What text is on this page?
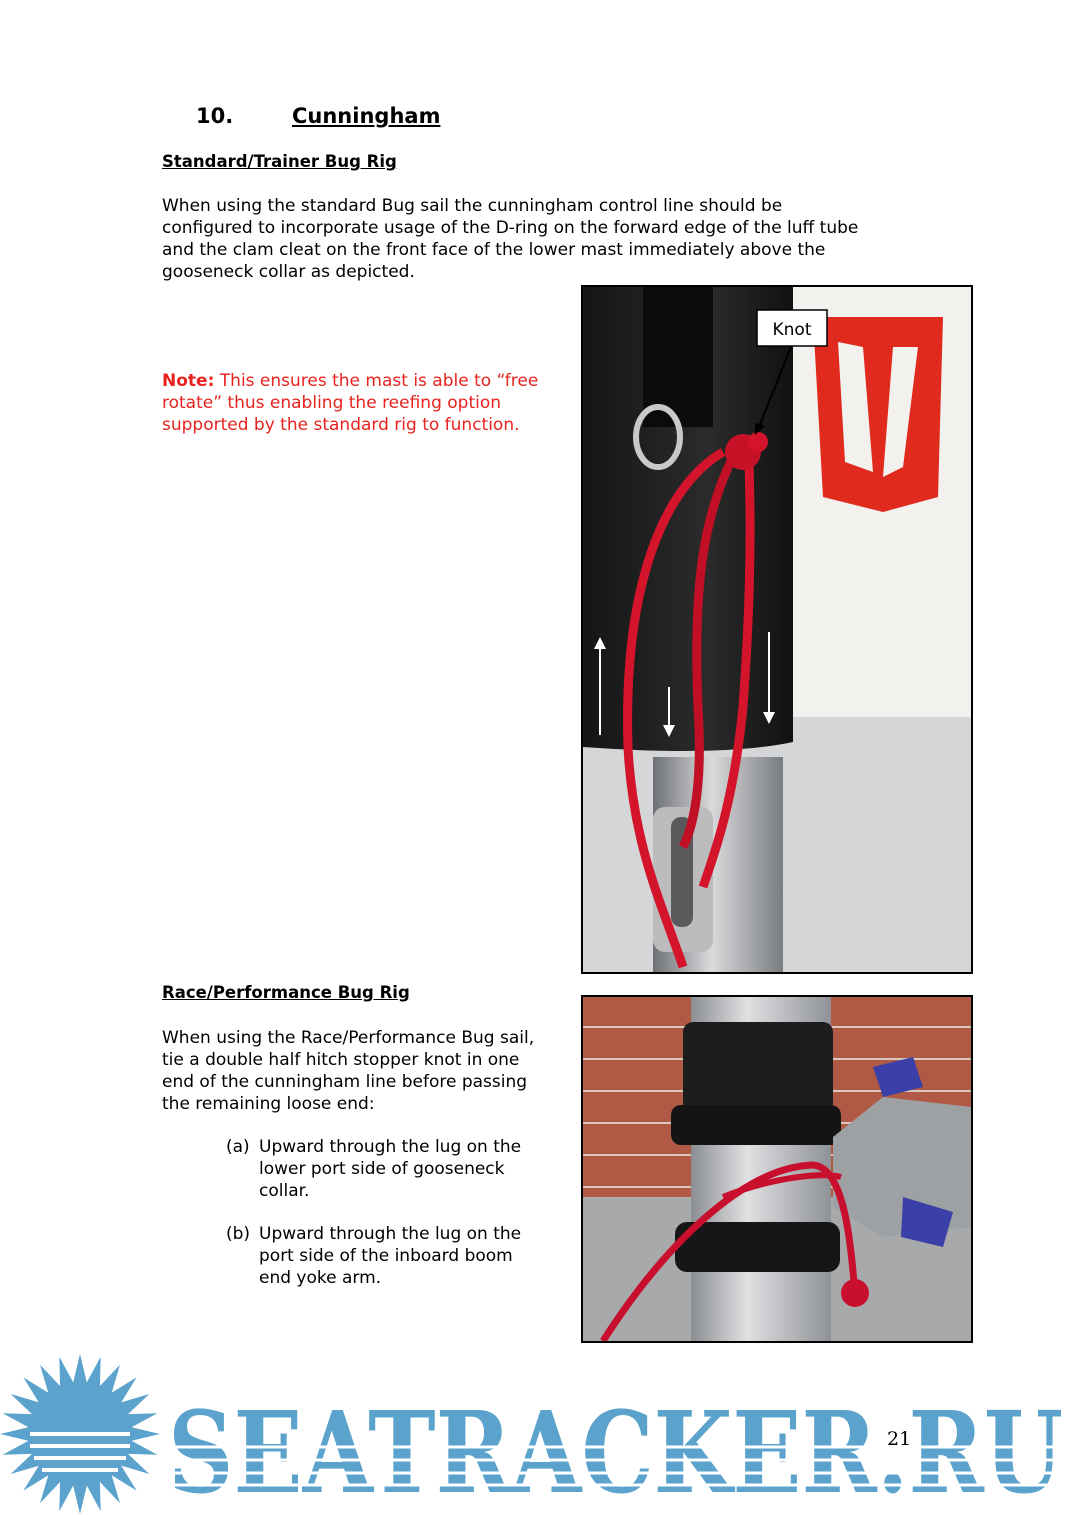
10.	Cunningham
Standard/Trainer Bug Rig
When using the standard Bug sail the cunningham control line should be
configured to incorporate usage of the D-ring on the forward edge of the luff tube
and the clam cleat on the front face of the lower mast immediately above the
gooseneck collar as depicted.
Note: This ensures the mast is able to “free
rotate” thus enabling the reefing option
supported by the standard rig to function.
Knot
Race/Performance Bug Rig
When using the Race/Performance Bug sail,
tie a double half hitch stopper knot in one
end of the cunningham line before passing
the remaining loose end:
(a) Upward through the lug on the
lower port side of gooseneck
collar.
(b) Upward through the lug on the
port side of the inboard boom
end yoke arm.
SEATRACKER.RU
21
